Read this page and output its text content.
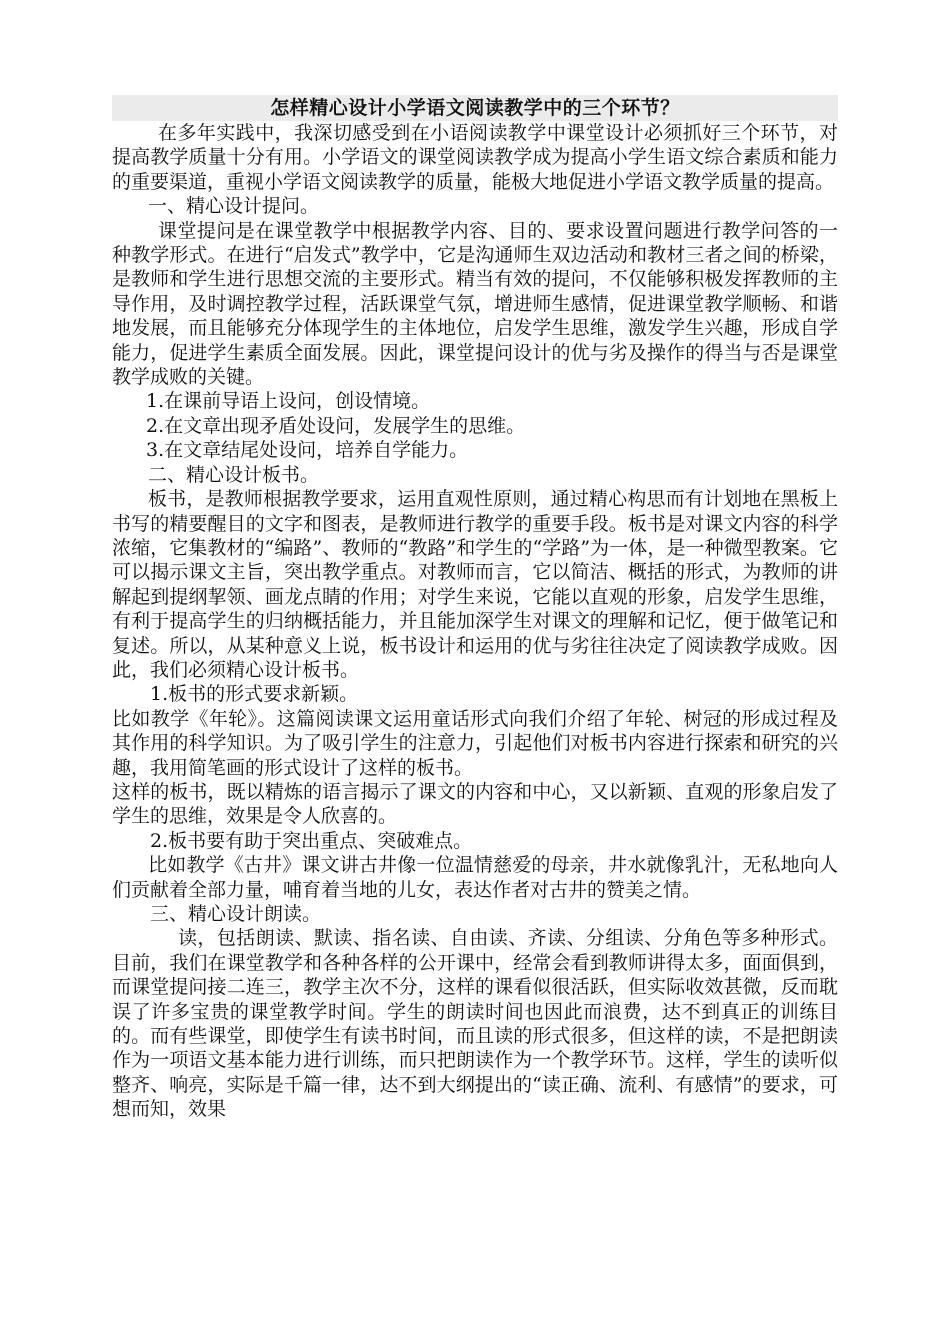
怎样精心设计小学语文阅读教学中的三个环节？

在多年实践中，我深切感受到在小语阅读教学中课堂设计必须抓好三个环节，对提高教学质量十分有用。小学语文的课堂阅读教学成为提高小学生语文综合素质和能力的重要渠道，重视小学语文阅读教学的质量，能极大地促进小学语文教学质量的提高。

一、精心设计提问。

课堂提问是在课堂教学中根据教学内容、目的、要求设置问题进行教学问答的一种教学形式。在进行“启发式”教学中，它是沟通师生双边活动和教材三者之间的桥梁，是教师和学生进行思想交流的主要形式。精当有效的提问，不仅能够积极发挥教师的主导作用，及时调控教学过程，活跃课堂气氛，增进师生感情，促进课堂教学顺畅、和谐地发展，而且能够充分体现学生的主体地位，启发学生思维，激发学生兴趣，形成自学能力，促进学生素质全面发展。因此，课堂提问设计的优与劣及操作的得当与否是课堂教学成败的关键。

1.在课前导语上设问，创设情境。

2.在文章出现矛盾处设问，发展学生的思维。

3.在文章结尾处设问，培养自学能力。

二、精心设计板书。

板书，是教师根据教学要求，运用直观性原则，通过精心构思而有计划地在黑板上书写的精要醒目的文字和图表，是教师进行教学的重要手段。板书是对课文内容的科学浓缩，它集教材的“编路”、教师的“教路”和学生的“学路”为一体，是一种微型教案。它可以揭示课文主旨，突出教学重点。对教师而言，它以简洁、概括的形式，为教师的讲解起到提纲挈领、画龙点睛的作用；对学生来说，它能以直观的形象，启发学生思维，有利于提高学生的归纳概括能力，并且能加深学生对课文的理解和记忆，便于做笔记和复述。所以，从某种意义上说，板书设计和运用的优与劣往往决定了阅读教学成败。因此，我们必须精心设计板书。

1.板书的形式要求新颖。

比如教学《年轮》。这篇阅读课文运用童话形式向我们介绍了年轮、树冠的形成过程及其作用的科学知识。为了吸引学生的注意力，引起他们对板书内容进行探索和研究的兴趣，我用简笔画的形式设计了这样的板书。

这样的板书，既以精炼的语言揭示了课文的内容和中心，又以新颖、直观的形象启发了学生的思维，效果是令人欣喜的。

2.板书要有助于突出重点、突破难点。

比如教学《古井》课文讲古井像一位温情慈爱的母亲，井水就像乳汁，无私地向人们贡献着全部力量，哺育着当地的儿女，表达作者对古井的赞美之情。

三、精心设计朗读。

读，包括朗读、默读、指名读、自由读、齐读、分组读、分角色等多种形式。目前，我们在课堂教学和各种各样的公开课中，经常会看到教师讲得太多，面面俱到，而课堂提问接二连三，教学主次不分，这样的课看似很活跃，但实际收效甚微，反而耽误了许多宝贵的课堂教学时间。学生的朗读时间也因此而浪费，达不到真正的训练目的。而有些课堂，即使学生有读书时间，而且读的形式很多，但这样的读，不是把朗读作为一项语文基本能力进行训练，而只把朗读作为一个教学环节。这样，学生的读听似整齐、响亮，实际是千篇一律，达不到大纲提出的“读正确、流利、有感情”的要求，可想而知，效果
